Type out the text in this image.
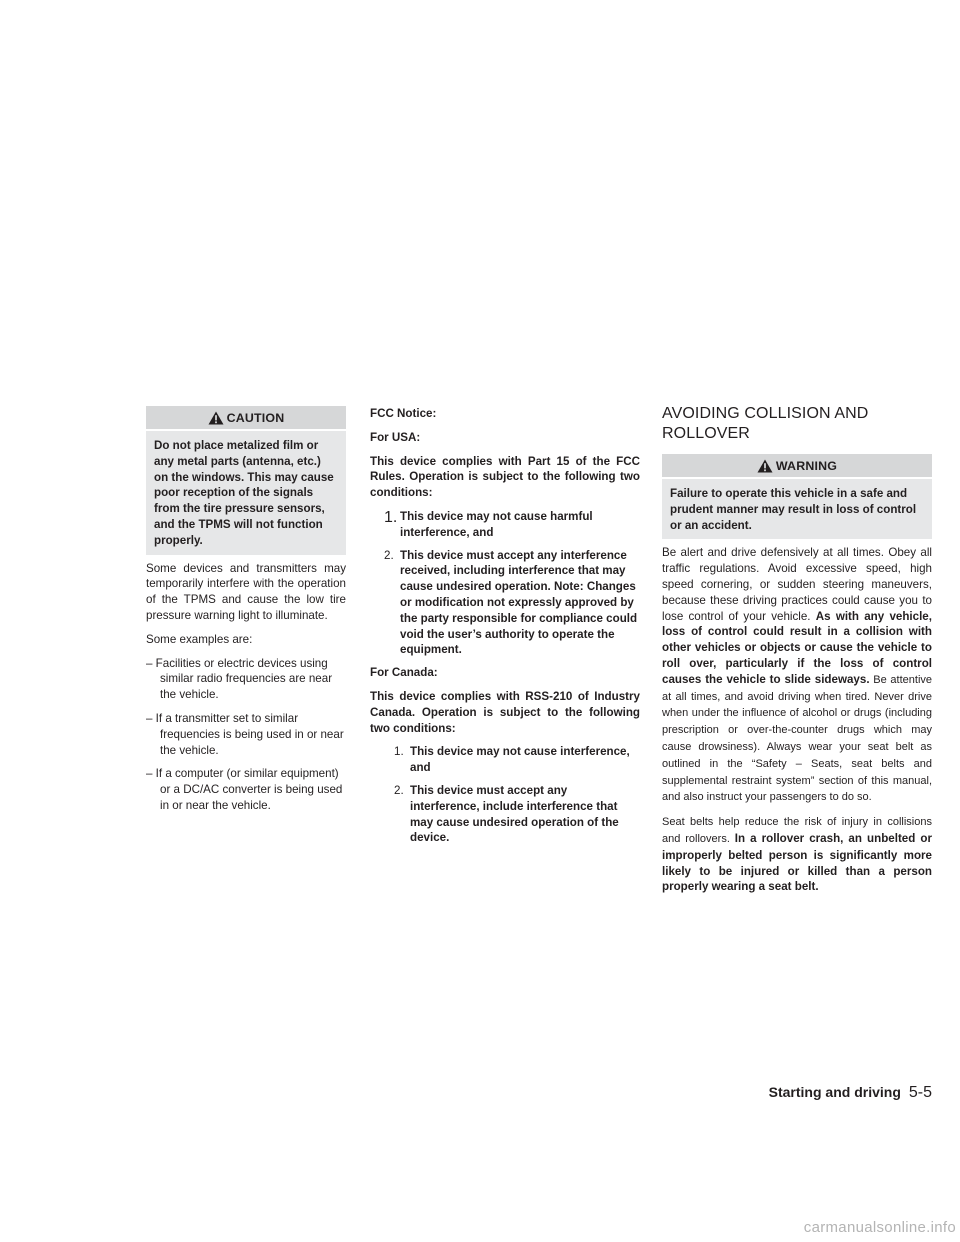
CAUTION
Do not place metalized film or any metal parts (antenna, etc.) on the windows. This may cause poor reception of the signals from the tire pressure sensors, and the TPMS will not function properly.

Some devices and transmitters may temporarily interfere with the operation of the TPMS and cause the low tire pressure warning light to illuminate.

Some examples are:

– Facilities or electric devices using similar radio frequencies are near the vehicle.

– If a transmitter set to similar frequencies is being used in or near the vehicle.

– If a computer (or similar equipment) or a DC/AC converter is being used in or near the vehicle.

FCC Notice:

For USA:

This device complies with Part 15 of the FCC Rules. Operation is subject to the following two conditions:

1. This device may not cause harmful interference, and
2. This device must accept any interference received, including interference that may cause undesired operation. Note: Changes or modification not expressly approved by the party responsible for compliance could void the user’s authority to operate the equipment.

For Canada:

This device complies with RSS-210 of Industry Canada. Operation is subject to the following two conditions:

1. This device may not cause interference, and
2. This device must accept any interference, include interference that may cause undesired operation of the device.
AVOIDING COLLISION AND ROLLOVER
WARNING
Failure to operate this vehicle in a safe and prudent manner may result in loss of control or an accident.

Be alert and drive defensively at all times. Obey all traffic regulations. Avoid excessive speed, high speed cornering, or sudden steering maneuvers, because these driving practices could cause you to lose control of your vehicle. As with any vehicle, loss of control could result in a collision with other vehicles or objects or cause the vehicle to roll over, particularly if the loss of control causes the vehicle to slide sideways. Be attentive at all times, and avoid driving when tired. Never drive when under the influence of alcohol or drugs (including prescription or over-the-counter drugs which may cause drowsiness). Always wear your seat belt as outlined in the “Safety – Seats, seat belts and supplemental restraint system” section of this manual, and also instruct your passengers to do so.

Seat belts help reduce the risk of injury in collisions and rollovers. In a rollover crash, an unbelted or improperly belted person is significantly more likely to be injured or killed than a person properly wearing a seat belt.

Starting and driving 5-5
carmanualsonline.info
